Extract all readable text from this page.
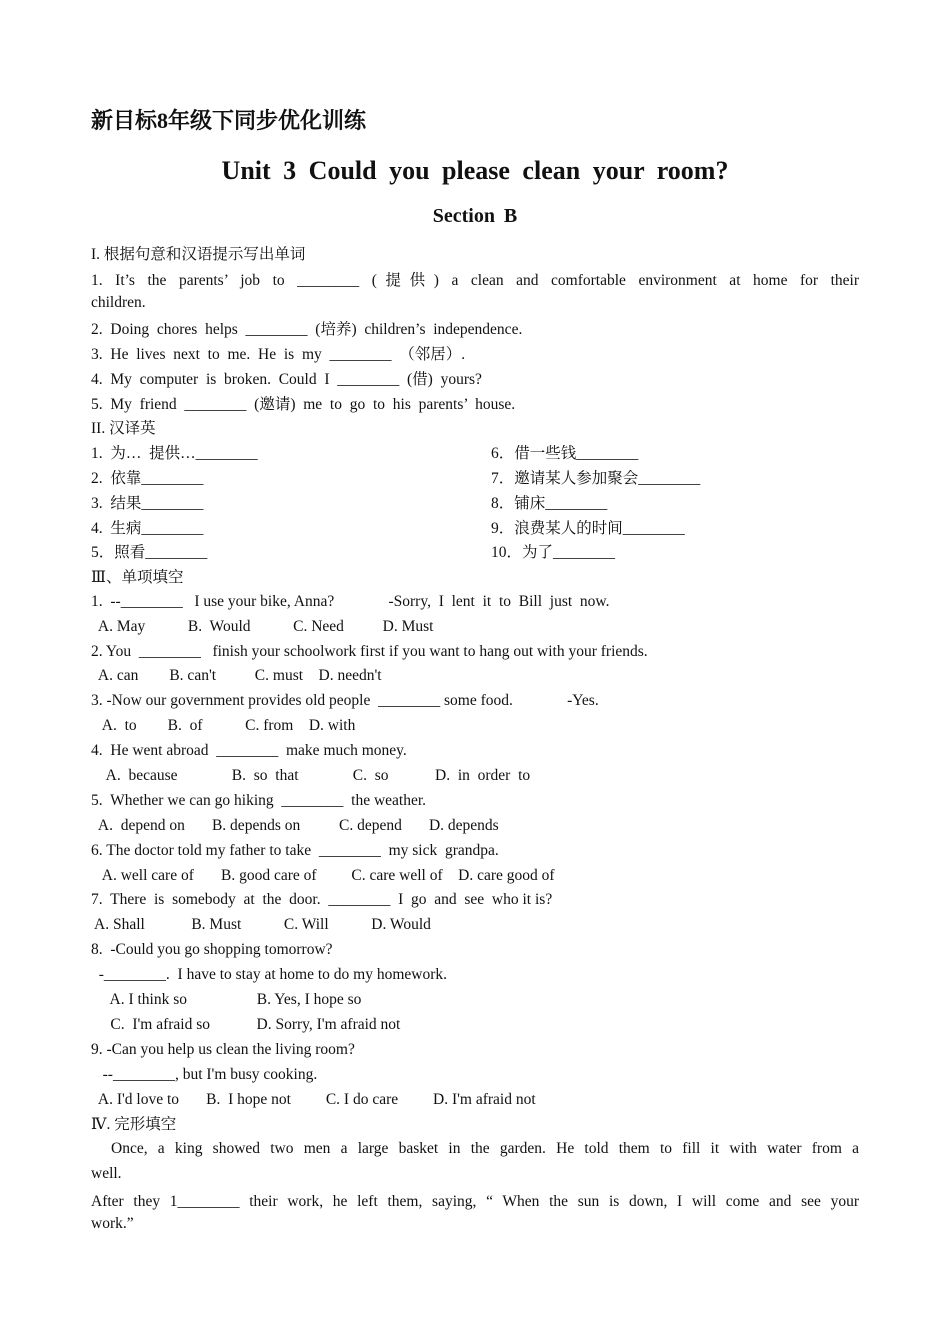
新目标8年级下同步优化训练
Unit 3 Could you please clean your room?
Section B
I. 根据句意和汉语提示写出单词
1. It’s the parents’ job to ________ (提供) a clean and comfortable environment at home for their
children.
2.  Doing  chores  helps  ________  (培养)  children’s  independence.
3.  He  lives  next  to  me.  He  is  my  ________  （邻居）.
4.  My  computer  is  broken.  Could  I  ________  (借)  yours?
5.  My  friend  ________  (邀请)  me  to  go  to  his  parents’  house.
II. 汉译英
1.  为…  提供…________
2.  依靠________
3.  结果________
4.  生病________
5．照看________
6．借一些钱________
7．邀请某人参加聚会________
8．铺床________
9．浪费某人的时间________
10．为了________
Ⅲ、单项填空
1.  --________   I use your bike, Anna?              -Sorry,  I  lent  it  to  Bill  just  now.
A. May           B.  Would           C. Need          D. Must
2. You  ________   finish your schoolwork first if you want to hang out with your friends.
A. can        B. can't          C. must    D. needn't
3. -Now our government provides old people  ________ some food.              -Yes.
A.  to        B.  of           C. from    D. with
4.  He went abroad  ________  make much money.
A.  because              B.  so  that              C.  so            D.  in  order  to
5.  Whether we can go hiking  ________  the weather.
A.  depend on       B. depends on          C. depend       D. depends
6. The doctor told my father to take  ________  my sick  grandpa.
A. well care of       B. good care of         C. care well of    D. care good of
7.  There  is  somebody  at  the  door.  ________  I  go  and  see  who it is?
A. Shall            B. Must           C. Will           D. Would
8.  -Could you go shopping tomorrow?
-________.  I have to stay at home to do my homework.
A. I think so                  B. Yes, I hope so
C.  I'm afraid so            D. Sorry, I'm afraid not
9. -Can you help us clean the living room?
--________, but I'm busy cooking.
A. I'd love to       B.  I hope not         C. I do care         D. I'm afraid not
Ⅳ. 完形填空
Once, a king showed two men a large basket in the garden. He told them to fill it with water from a
well.
After they 1________ their work, he left them, saying, “ When the sun is down, I will come and see your
work.”
